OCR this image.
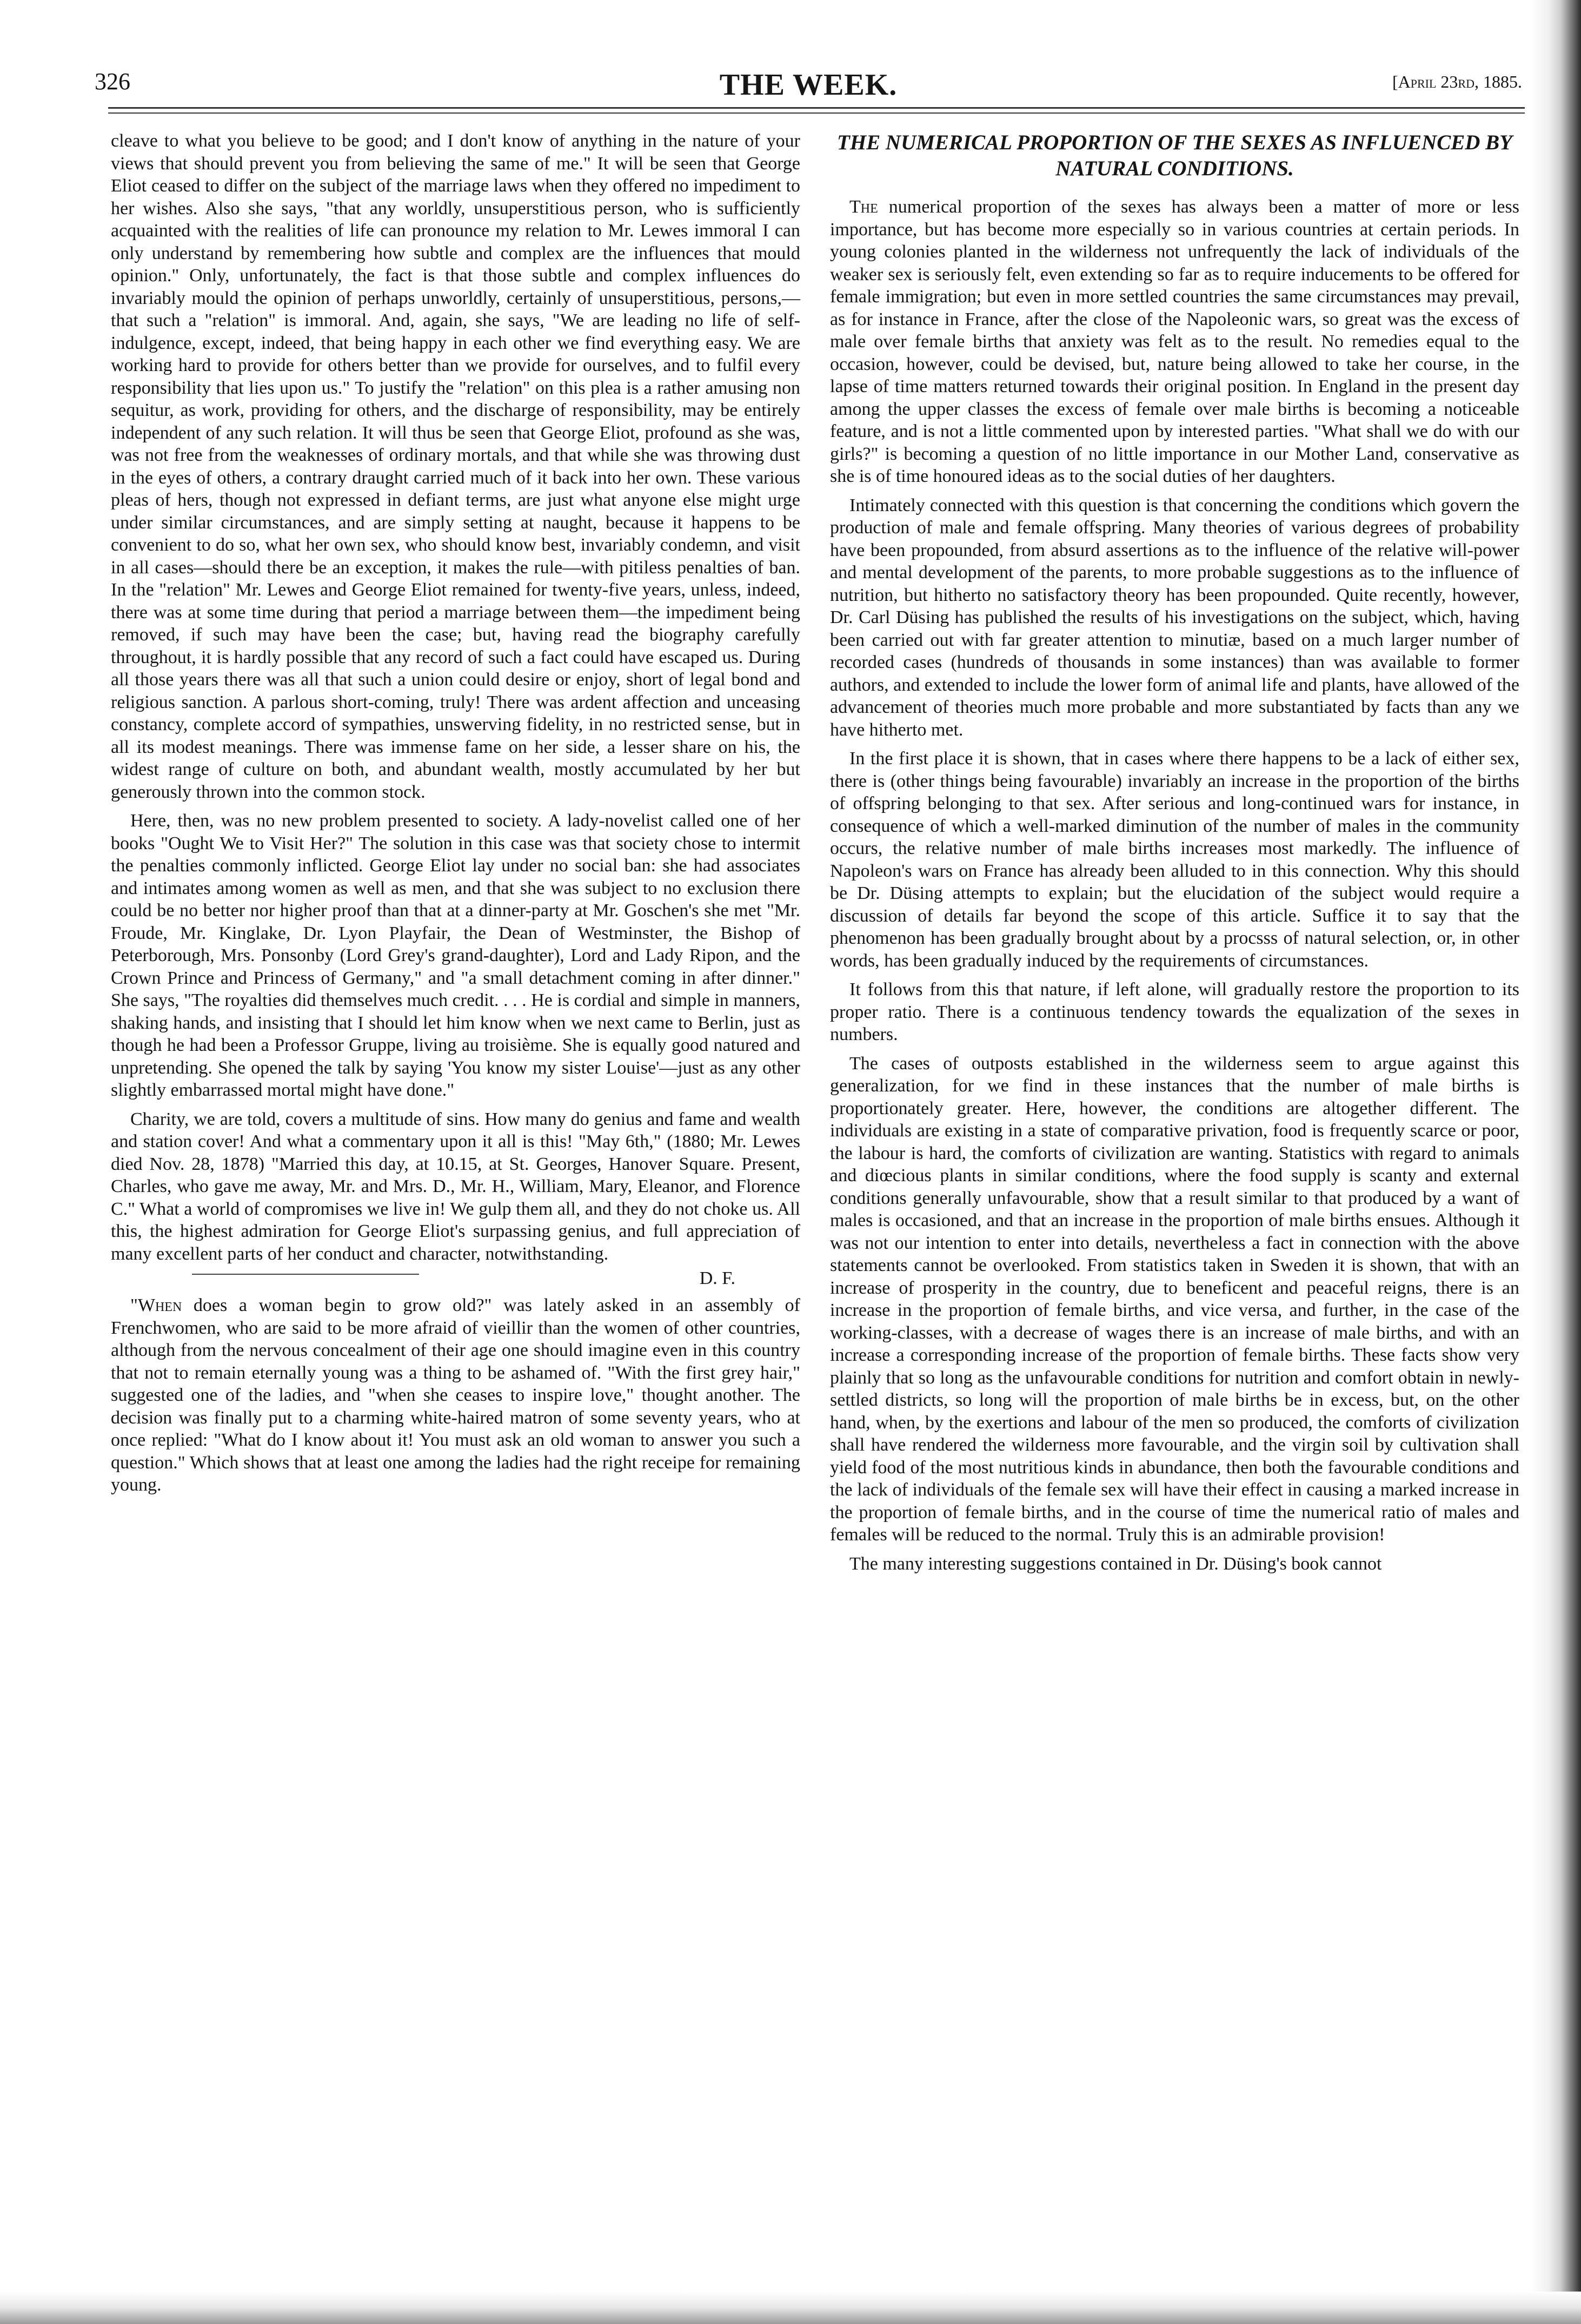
326	THE WEEK.	[April 23rd, 1885.

cleave to what you believe to be good; and I don't know of anything in the nature of your views that should prevent you from believing the same of me." It will be seen that George Eliot ceased to differ on the subject of the marriage laws when they offered no impediment to her wishes. Also she says, "that any worldly, unsuperstitious person, who is sufficiently acquainted with the realities of life can pronounce my relation to Mr. Lewes immoral I can only understand by remembering how subtle and complex are the influences that mould opinion." Only, unfortunately, the fact is that those subtle and complex influences do invariably mould the opinion of perhaps unworldly, certainly of unsuperstitious, persons,—that such a "relation" is immoral. And, again, she says, "We are leading no life of self-indulgence, except, indeed, that being happy in each other we find everything easy. We are working hard to provide for others better than we provide for ourselves, and to fulfil every responsibility that lies upon us." To justify the "relation" on this plea is a rather amusing non sequitur, as work, providing for others, and the discharge of responsibility, may be entirely independent of any such relation. It will thus be seen that George Eliot, profound as she was, was not free from the weaknesses of ordinary mortals, and that while she was throwing dust in the eyes of others, a contrary draught carried much of it back into her own. These various pleas of hers, though not expressed in defiant terms, are just what anyone else might urge under similar circumstances, and are simply setting at naught, because it happens to be convenient to do so, what her own sex, who should know best, invariably condemn, and visit in all cases—should there be an exception, it makes the rule—with pitiless penalties of ban. In the "relation" Mr. Lewes and George Eliot remained for twenty-five years, unless, indeed, there was at some time during that period a marriage between them—the impediment being removed, if such may have been the case; but, having read the biography carefully throughout, it is hardly possible that any record of such a fact could have escaped us. During all those years there was all that such a union could desire or enjoy, short of legal bond and religious sanction. A parlous short-coming, truly! There was ardent affection and unceasing constancy, complete accord of sympathies, unswerving fidelity, in no restricted sense, but in all its modest meanings. There was immense fame on her side, a lesser share on his, the widest range of culture on both, and abundant wealth, mostly accumulated by her but generously thrown into the common stock.

Here, then, was no new problem presented to society. A lady-novelist called one of her books "Ought We to Visit Her?" The solution in this case was that society chose to intermit the penalties commonly inflicted. George Eliot lay under no social ban: she had associates and intimates among women as well as men, and that she was subject to no exclusion there could be no better nor higher proof than that at a dinner-party at Mr. Goschen's she met "Mr. Froude, Mr. Kinglake, Dr. Lyon Playfair, the Dean of Westminster, the Bishop of Peterborough, Mrs. Ponsonby (Lord Grey's grand-daughter), Lord and Lady Ripon, and the Crown Prince and Princess of Germany," and "a small detachment coming in after dinner." She says, "The royalties did themselves much credit. . . . He is cordial and simple in manners, shaking hands, and insisting that I should let him know when we next came to Berlin, just as though he had been a Professor Gruppe, living au troisième. She is equally good natured and unpretending. She opened the talk by saying 'You know my sister Louise'—just as any other slightly embarrassed mortal might have done."

Charity, we are told, covers a multitude of sins. How many do genius and fame and wealth and station cover! And what a commentary upon it all is this! "May 6th," (1880; Mr. Lewes died Nov. 28, 1878) "Married this day, at 10.15, at St. Georges, Hanover Square. Present, Charles, who gave me away, Mr. and Mrs. D., Mr. H., William, Mary, Eleanor, and Florence C." What a world of compromises we live in! We gulp them all, and they do not choke us. All this, the highest admiration for George Eliot's surpassing genius, and full appreciation of many excellent parts of her conduct and character, notwithstanding.

D. F.

"When does a woman begin to grow old?" was lately asked in an assembly of Frenchwomen, who are said to be more afraid of vieillir than the women of other countries, although from the nervous concealment of their age one should imagine even in this country that not to remain eternally young was a thing to be ashamed of. "With the first grey hair," suggested one of the ladies, and "when she ceases to inspire love," thought another. The decision was finally put to a charming white-haired matron of some seventy years, who at once replied: "What do I know about it! You must ask an old woman to answer you such a question." Which shows that at least one among the ladies had the right receipe for remaining young.

THE NUMERICAL PROPORTION OF THE SEXES AS INFLUENCED BY NATURAL CONDITIONS.

The numerical proportion of the sexes has always been a matter of more or less importance, but has become more especially so in various countries at certain periods. In young colonies planted in the wilderness not unfrequently the lack of individuals of the weaker sex is seriously felt, even extending so far as to require inducements to be offered for female immigration; but even in more settled countries the same circumstances may prevail, as for instance in France, after the close of the Napoleonic wars, so great was the excess of male over female births that anxiety was felt as to the result. No remedies equal to the occasion, however, could be devised, but, nature being allowed to take her course, in the lapse of time matters returned towards their original position. In England in the present day among the upper classes the excess of female over male births is becoming a noticeable feature, and is not a little commented upon by interested parties. "What shall we do with our girls?" is becoming a question of no little importance in our Mother Land, conservative as she is of time honoured ideas as to the social duties of her daughters.

Intimately connected with this question is that concerning the conditions which govern the production of male and female offspring. Many theories of various degrees of probability have been propounded, from absurd assertions as to the influence of the relative will-power and mental development of the parents, to more probable suggestions as to the influence of nutrition, but hitherto no satisfactory theory has been propounded. Quite recently, however, Dr. Carl Düsing has published the results of his investigations on the subject, which, having been carried out with far greater attention to minutiæ, based on a much larger number of recorded cases (hundreds of thousands in some instances) than was available to former authors, and extended to include the lower form of animal life and plants, have allowed of the advancement of theories much more probable and more substantiated by facts than any we have hitherto met.

In the first place it is shown, that in cases where there happens to be a lack of either sex, there is (other things being favourable) invariably an increase in the proportion of the births of offspring belonging to that sex. After serious and long-continued wars for instance, in consequence of which a well-marked diminution of the number of males in the community occurs, the relative number of male births increases most markedly. The influence of Napoleon's wars on France has already been alluded to in this connection. Why this should be Dr. Düsing attempts to explain; but the elucidation of the subject would require a discussion of details far beyond the scope of this article. Suffice it to say that the phenomenon has been gradually brought about by a procsss of natural selection, or, in other words, has been gradually induced by the requirements of circumstances.

It follows from this that nature, if left alone, will gradually restore the proportion to its proper ratio. There is a continuous tendency towards the equalization of the sexes in numbers.

The cases of outposts established in the wilderness seem to argue against this generalization, for we find in these instances that the number of male births is proportionately greater. Here, however, the conditions are altogether different. The individuals are existing in a state of comparative privation, food is frequently scarce or poor, the labour is hard, the comforts of civilization are wanting. Statistics with regard to animals and diœcious plants in similar conditions, where the food supply is scanty and external conditions generally unfavourable, show that a result similar to that produced by a want of males is occasioned, and that an increase in the proportion of male births ensues. Although it was not our intention to enter into details, nevertheless a fact in connection with the above statements cannot be overlooked. From statistics taken in Sweden it is shown, that with an increase of prosperity in the country, due to beneficent and peaceful reigns, there is an increase in the proportion of female births, and vice versa, and further, in the case of the working-classes, with a decrease of wages there is an increase of male births, and with an increase a corresponding increase of the proportion of female births. These facts show very plainly that so long as the unfavourable conditions for nutrition and comfort obtain in newly-settled districts, so long will the proportion of male births be in excess, but, on the other hand, when, by the exertions and labour of the men so produced, the comforts of civilization shall have rendered the wilderness more favourable, and the virgin soil by cultivation shall yield food of the most nutritious kinds in abundance, then both the favourable conditions and the lack of individuals of the female sex will have their effect in causing a marked increase in the proportion of female births, and in the course of time the numerical ratio of males and females will be reduced to the normal. Truly this is an admirable provision!

The many interesting suggestions contained in Dr. Düsing's book cannot
